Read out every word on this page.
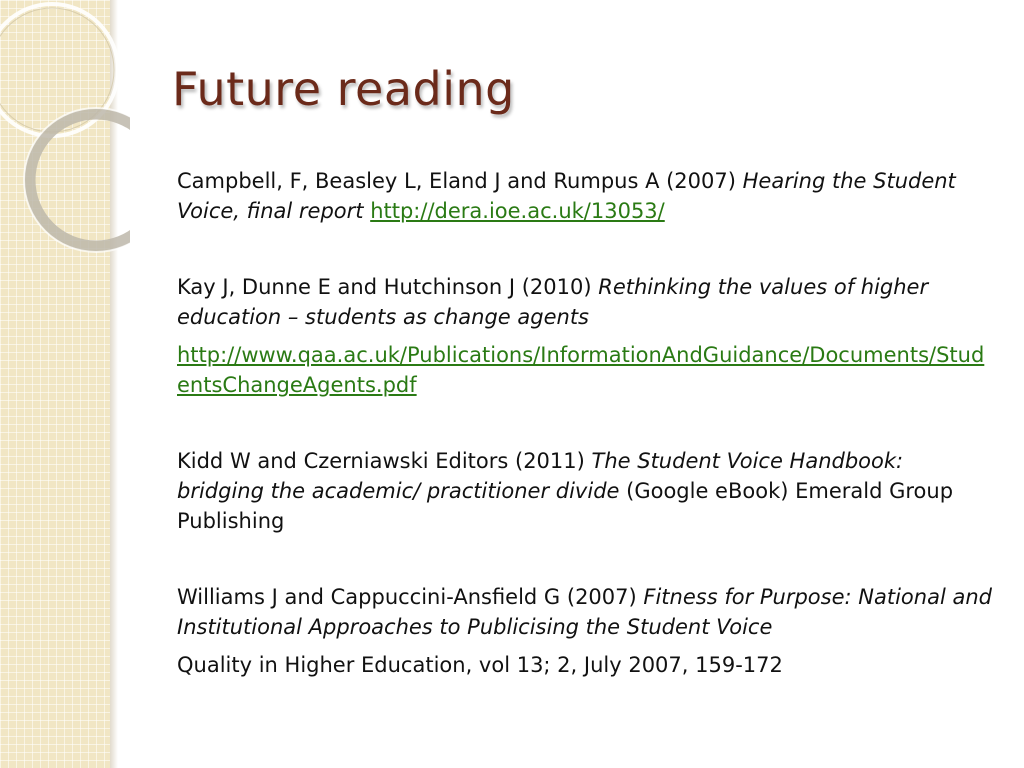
Future reading

Campbell, F, Beasley L, Eland J and Rumpus A (2007) Hearing the Student Voice, final report http://dera.ioe.ac.uk/13053/

Kay J, Dunne E and Hutchinson J (2010) Rethinking the values of higher education – students as change agents

http://www.qaa.ac.uk/Publications/InformationAndGuidance/Documents/StudentsChangeAgents.pdf

Kidd W and Czerniawski Editors (2011) The Student Voice Handbook: bridging the academic/ practitioner divide (Google eBook) Emerald Group Publishing

Williams J and Cappuccini-Ansfield G (2007) Fitness for Purpose: National and Institutional Approaches to Publicising the Student Voice

Quality in Higher Education, vol 13; 2, July 2007, 159-172
